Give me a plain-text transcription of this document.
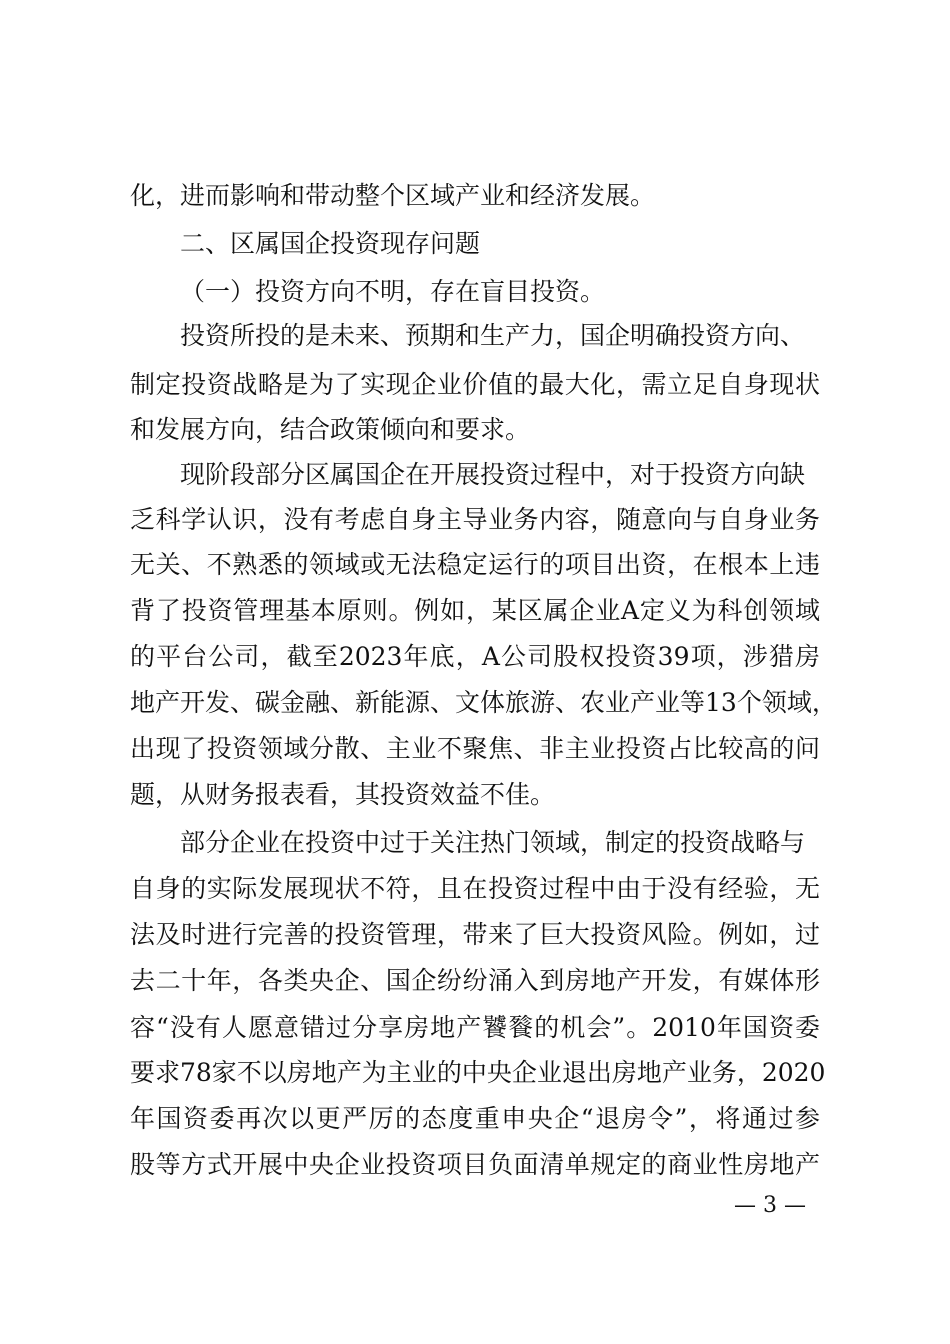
化，进而影响和带动整个区域产业和经济发展。
二、区属国企投资现存问题
（一）投资方向不明，存在盲目投资。
投资所投的是未来、预期和生产力，国企明确投资方向、
制定投资战略是为了实现企业价值的最大化，需立足自身现状
和发展方向，结合政策倾向和要求。
现阶段部分区属国企在开展投资过程中，对于投资方向缺
乏科学认识，没有考虑自身主导业务内容，随意向与自身业务
无关、不熟悉的领域或无法稳定运行的项目出资，在根本上违
背了投资管理基本原则。例如，某区属企业A定义为科创领域
的平台公司，截至2023年底，A公司股权投资39项，涉猎房
地产开发、碳金融、新能源、文体旅游、农业产业等13个领域，
出现了投资领域分散、主业不聚焦、非主业投资占比较高的问
题，从财务报表看，其投资效益不佳。
部分企业在投资中过于关注热门领域，制定的投资战略与
自身的实际发展现状不符，且在投资过程中由于没有经验，无
法及时进行完善的投资管理，带来了巨大投资风险。例如，过
去二十年，各类央企、国企纷纷涌入到房地产开发，有媒体形
容“没有人愿意错过分享房地产饕餮的机会”。2010年国资委
要求78家不以房地产为主业的中央企业退出房地产业务，2020
年国资委再次以更严厉的态度重申央企“退房令”，将通过参
股等方式开展中央企业投资项目负面清单规定的商业性房地产
— 3 —
